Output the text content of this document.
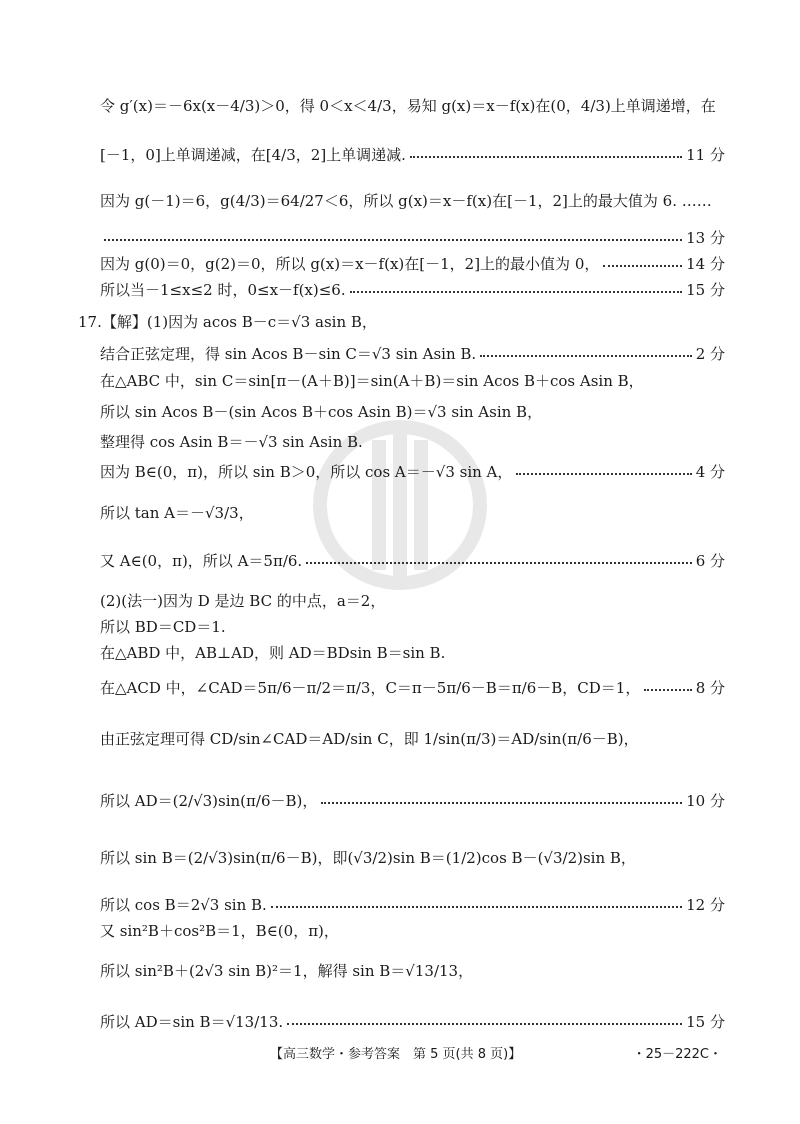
令 g′(x)＝－6x(x－4/3)＞0，得 0＜x＜4/3，易知 g(x)＝x－f(x)在(0，4/3)上单调递增，在
[－1，0]上单调递减，在[4/3，2]上单调递减.	11 分
因为 g(－1)＝6，g(4/3)＝64/27＜6，所以 g(x)＝x－f(x)在[－1，2]上的最大值为 6. ……
13 分
因为 g(0)＝0，g(2)＝0，所以 g(x)＝x－f(x)在[－1，2]上的最小值为 0，	14 分
所以当－1≤x≤2 时，0≤x－f(x)≤6.	15 分
17.【解】(1)因为 acos B－c＝√3 asin B，
结合正弦定理，得 sin Acos B－sin C＝√3 sin Asin B.	2 分
在△ABC 中，sin C＝sin[π－(A＋B)]＝sin(A＋B)＝sin Acos B＋cos Asin B，
所以 sin Acos B－(sin Acos B＋cos Asin B)＝√3 sin Asin B，
整理得 cos Asin B＝－√3 sin Asin B.
因为 B∈(0，π)，所以 sin B＞0，所以 cos A＝－√3 sin A，	4 分
所以 tan A＝－√3/3，
又 A∈(0，π)，所以 A＝5π/6.	6 分
(2)(法一)因为 D 是边 BC 的中点，a＝2，
所以 BD＝CD＝1.
在△ABD 中，AB⊥AD，则 AD＝BDsin B＝sin B.
在△ACD 中，∠CAD＝5π/6－π/2＝π/3，C＝π－5π/6－B＝π/6－B，CD＝1，	8 分
由正弦定理可得 CD/sin∠CAD＝AD/sin C，即 1/sin(π/3)＝AD/sin(π/6－B)，
所以 AD＝(2/√3)sin(π/6－B)，	10 分
所以 sin B＝(2/√3)sin(π/6－B)，即(√3/2)sin B＝(1/2)cos B－(√3/2)sin B，
所以 cos B＝2√3 sin B.	12 分
又 sin²B＋cos²B＝1，B∈(0，π)，
所以 sin²B＋(2√3 sin B)²＝1，解得 sin B＝√13/13，
所以 AD＝sin B＝√13/13.	15 分
【高三数学・参考答案　第 5 页(共 8 页)】	・25－222C・
